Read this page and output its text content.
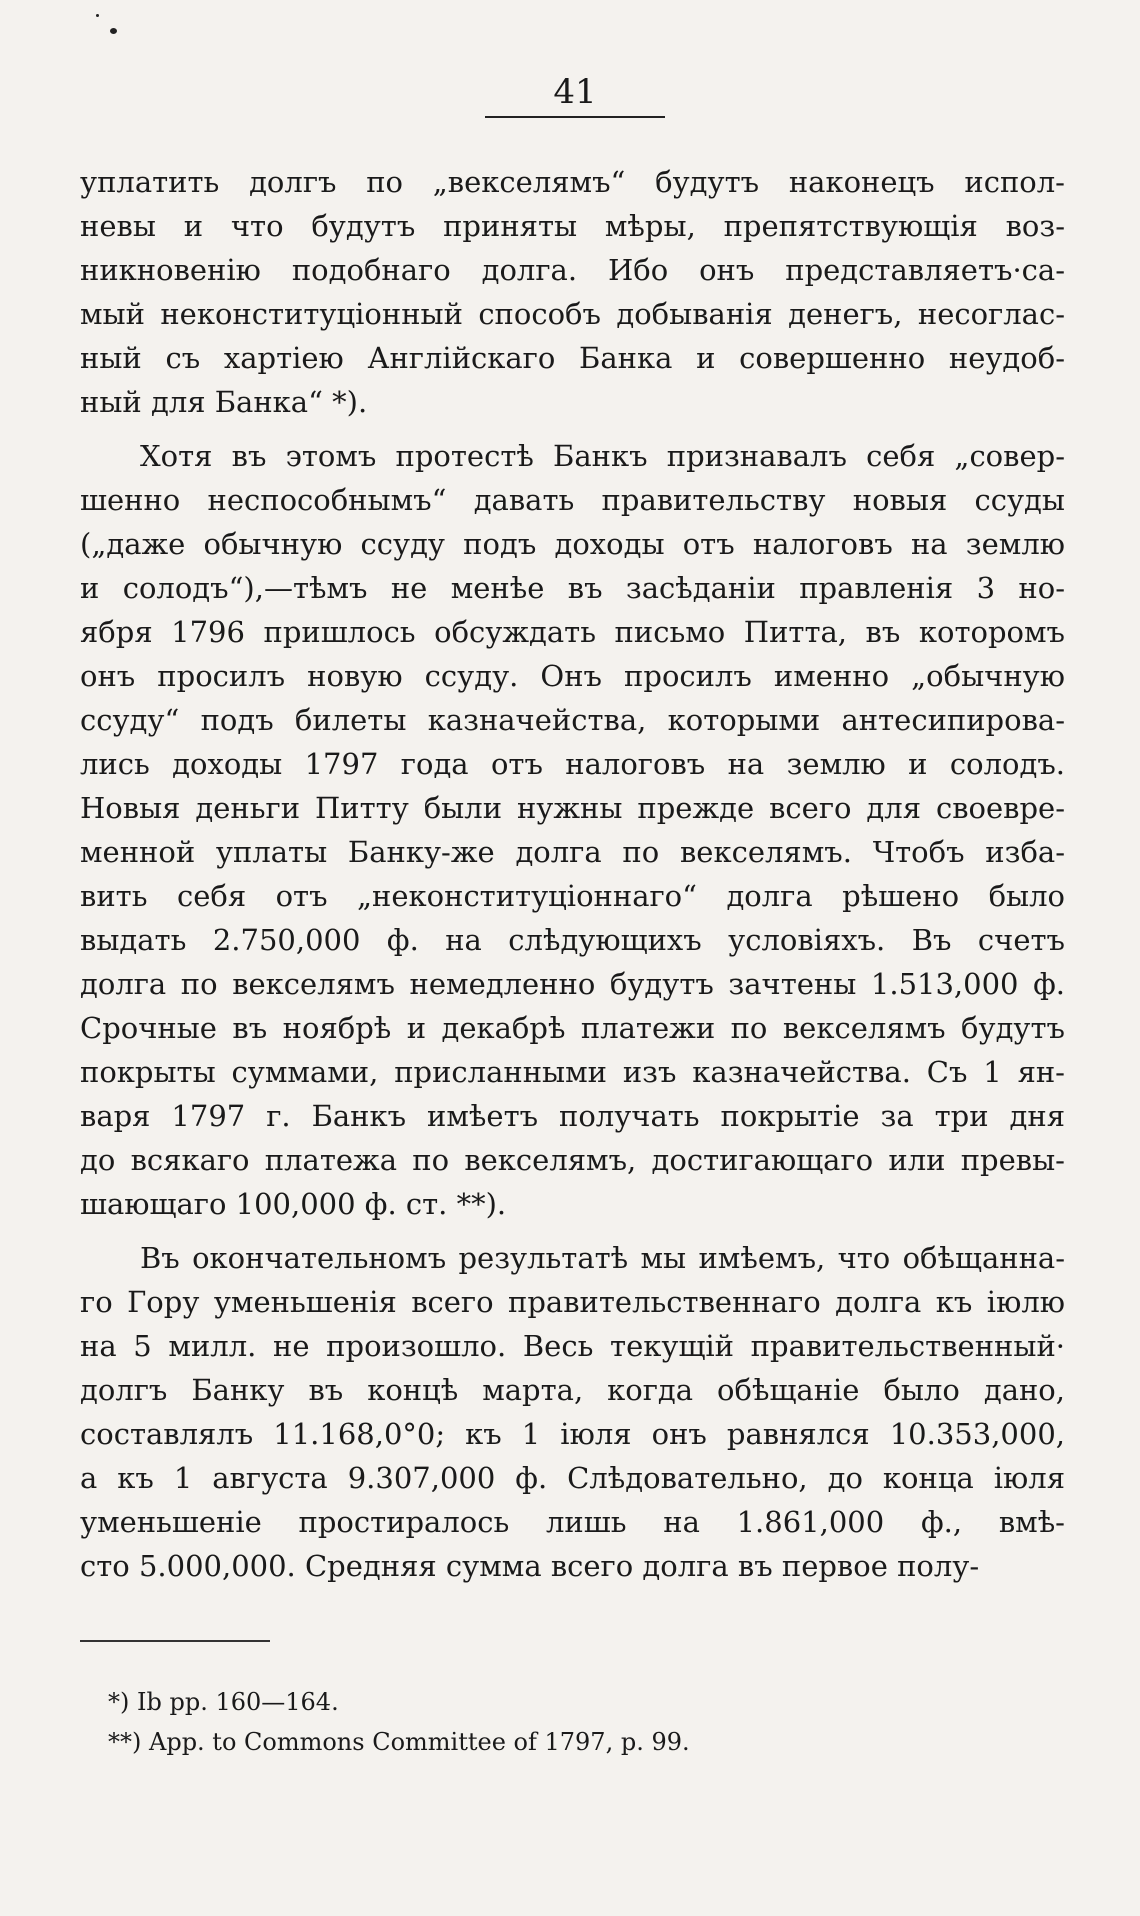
41
уплатить долгъ по „векселямъ“ будутъ наконецъ испол-
невы и что будутъ приняты мѣры, препятствующія воз-
никновенію подобнаго долга. Ибо онъ представляетъ·са-
мый неконституціонный способъ добыванія денегъ, несоглас-
ный съ хартіею Англійскаго Банка и совершенно неудоб-
ный для Банка“ *).
Хотя въ этомъ протестѣ Банкъ признавалъ себя „совер-
шенно неспособнымъ“ давать правительству новыя ссуды
(„даже обычную ссуду подъ доходы отъ налоговъ на землю
и солодъ“),—тѣмъ не менѣе въ засѣданіи правленія 3 но-
ября 1796 пришлось обсуждать письмо Питта, въ которомъ
онъ просилъ новую ссуду. Онъ просилъ именно „обычную
ссуду“ подъ билеты казначейства, которыми антесипирова-
лись доходы 1797 года отъ налоговъ на землю и солодъ.
Новыя деньги Питту были нужны прежде всего для своевре-
менной уплаты Банку-же долга по векселямъ. Чтобъ изба-
вить себя отъ „неконституціоннаго“ долга рѣшено было
выдать 2.750,000 ф. на слѣдующихъ условіяхъ. Въ счетъ
долга по векселямъ немедленно будутъ зачтены 1.513,000 ф.
Срочные въ ноябрѣ и декабрѣ платежи по векселямъ будутъ
покрыты суммами, присланными изъ казначейства. Съ 1 ян-
варя 1797 г. Банкъ имѣетъ получать покрытіе за три дня
до всякаго платежа по векселямъ, достигающаго или превы-
шающаго 100,000 ф. ст. **).
Въ окончательномъ результатѣ мы имѣемъ, что обѣщанна-
го Гору уменьшенія всего правительственнаго долга къ іюлю
на 5 милл. не произошло. Весь текущій правительственный·
долгъ Банку въ концѣ марта, когда обѣщаніе было дано,
составлялъ 11.168,0°0; къ 1 іюля онъ равнялся 10.353,000,
а къ 1 августа 9.307,000 ф. Слѣдовательно, до конца іюля
уменьшеніе простиралось лишь на 1.861,000 ф., вмѣ-
сто 5.000,000. Средняя сумма всего долга въ первое полу-
*) Ib pp. 160—164.
**) App. to Commons Committee of 1797, p. 99.
